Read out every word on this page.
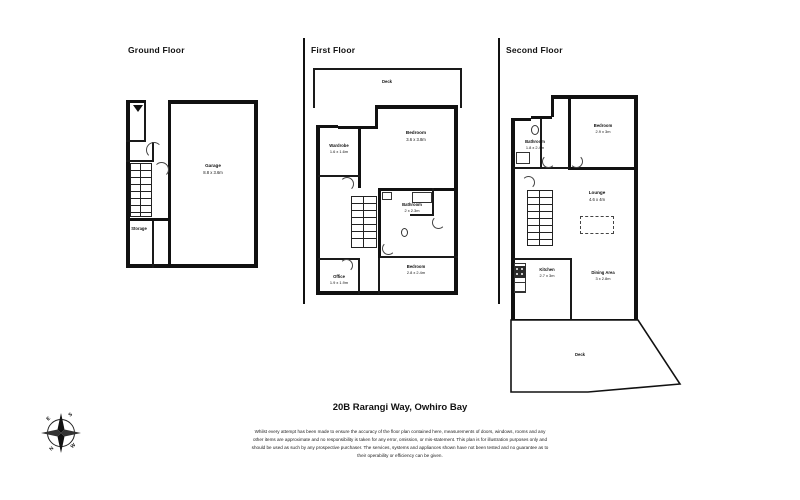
Ground Floor	First Floor	Second Floor
Garage
8.8 x 3.6m
Storage
Deck
Bedroom
3.6 x 3.8m
Wardrobe
1.6 x 1.6m
Bathroom
2 x 2.3m
Office
1.9 x 1.9m
Bedroom
2.8 x 2.4m
Deck
Bathroom
1.8 x 2.4m
Bedroom
2.9 x 3m
Lounge
4.6 x 4m
Kitchen
2.7 x 3m
Dining Area
3 x 2.8m
N
E
S
W
20B Rarangi Way, Owhiro Bay
Whilst every attempt has been made to ensure the accuracy of the floor plan contained here, measurements of doors, windows, rooms and any other items are approximate and no responsibility is taken for any error, omission, or mis-statement. This plan is for illustration purposes only and should be used as such by any prospective purchaser. The services, systems and appliances shown have not been tested and no guarantee as to their operability or efficiency can be given.
